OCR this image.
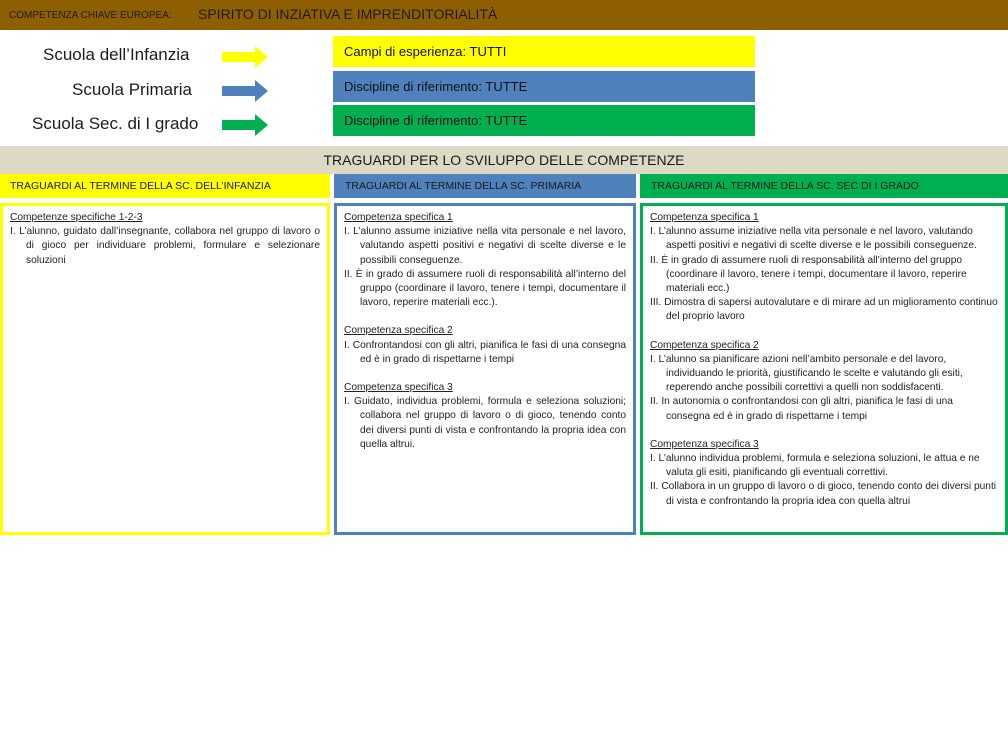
COMPETENZA CHIAVE EUROPEA: SPIRITO DI INZIATIVA E IMPRENDITORIALITÀ
Scuola dell’Infanzia	Campi di esperienza: TUTTI
Scuola Primaria	Discipline di riferimento: TUTTE
Scuola Sec. di I grado	Discipline di riferimento: TUTTE
TRAGUARDI PER LO SVILUPPO DELLE COMPETENZE
TRAGUARDI AL TERMINE DELLA SC. DELL’INFANZIA	TRAGUARDI AL TERMINE DELLA SC. PRIMARIA	TRAGUARDI AL TERMINE DELLA SC. SEC DI I GRADO
Competenze specifiche 1-2-3
I. L’alunno, guidato dall’insegnante, collabora nel gruppo di lavoro o di gioco per individuare problemi, formulare e selezionare soluzioni
Competenza specifica 1
I. L’alunno assume iniziative nella vita personale e nel lavoro, valutando aspetti positivi e negativi di scelte diverse e le possibili conseguenze.
II. È in grado di assumere ruoli di responsabilità all’interno del gruppo (coordinare il lavoro, tenere i tempi, documentare il lavoro, reperire materiali ecc.).
Competenza specifica 2
I. Confrontandosi con gli altri, pianifica le fasi di una consegna ed è in grado di rispettarne i tempi
Competenza specifica 3
I. Guidato, individua problemi, formula e seleziona soluzioni; collabora nel gruppo di lavoro o di gioco, tenendo conto dei diversi punti di vista e confrontando la propria idea con quella altrui.
Competenza specifica 1
I. L’alunno assume iniziative nella vita personale e nel lavoro, valutando aspetti positivi e negativi di scelte diverse e le possibili conseguenze.
II. È in grado di assumere ruoli di responsabilità all’interno del gruppo (coordinare il lavoro, tenere i tempi, documentare il lavoro, reperire materiali ecc.)
III. Dimostra di sapersi autovalutare e di mirare ad un miglioramento continuo del proprio lavoro
Competenza specifica 2
I. L’alunno sa pianificare azioni nell’ambito personale e del lavoro, individuando le priorità, giustificando le scelte e valutando gli esiti, reperendo anche possibili correttivi a quelli non soddisfacenti.
II. In autonomia o confrontandosi con gli altri, pianifica le fasi di una consegna ed è in grado di rispettarne i tempi
Competenza specifica 3
I. L’alunno individua problemi, formula e seleziona soluzioni, le attua e ne valuta gli esiti, pianificando gli eventuali correttivi.
II. Collabora in un gruppo di lavoro o di gioco, tenendo conto dei diversi punti di vista e confrontando la propria idea con quella altrui
